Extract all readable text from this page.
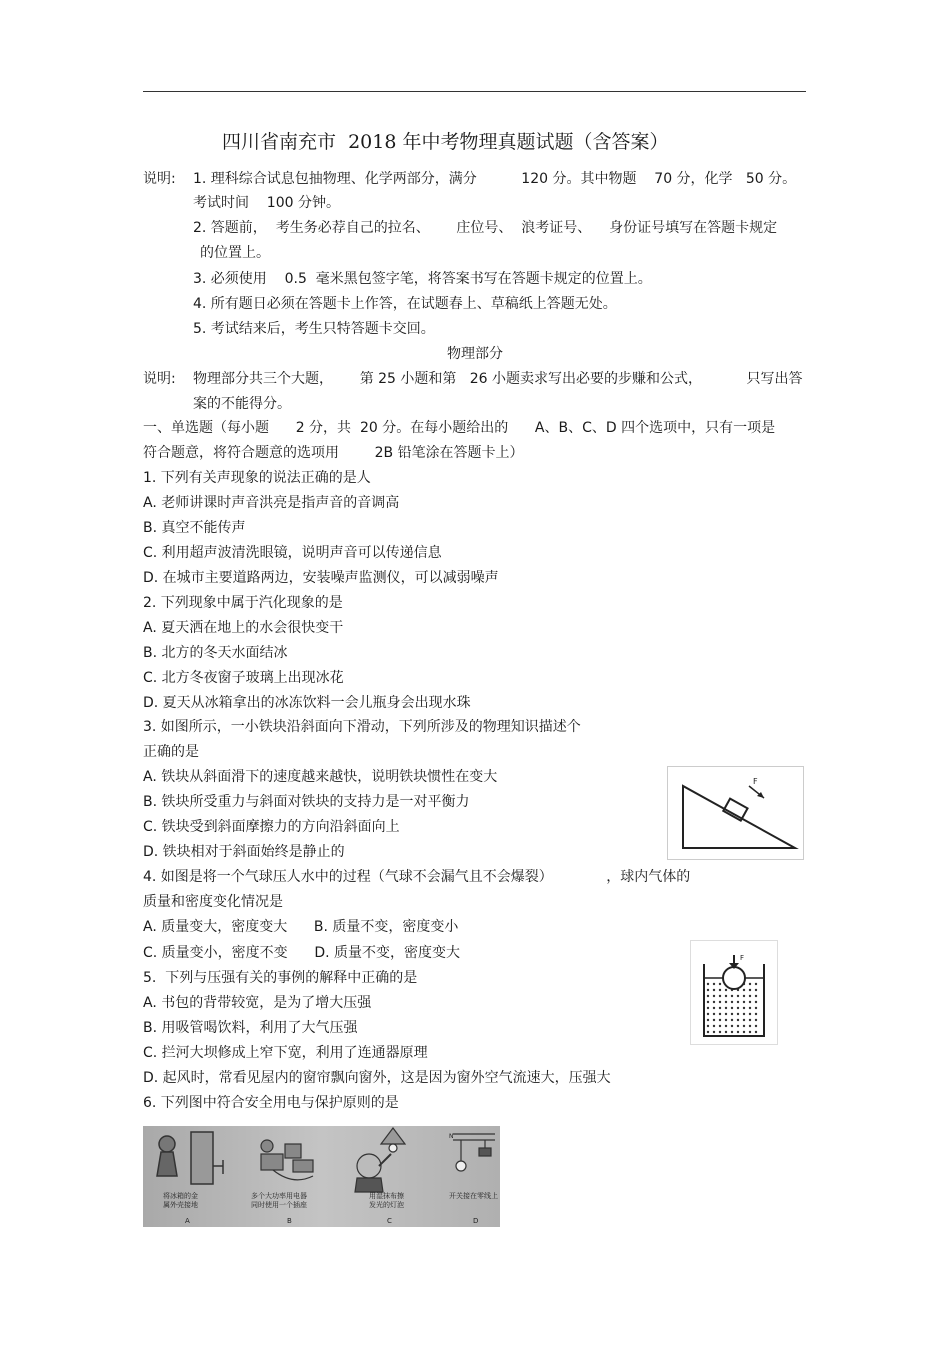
四川省南充市  2018 年中考物理真题试题（含答案）
说明: 1. 理科综合试息包抽物理、化学两部分，满分          120 分。其中物题    70 分，化学   50 分。
考试时间    100 分钟。
2. 答题前，  考生务必荐自己的拉名、      庄位号、  浪考证号、    身份证号填写在答题卡规定
的位置上。
3. 必须使用    0.5  毫米黑包签字笔，将答案书写在答题卡规定的位置上。
4. 所有题日必须在答题卡上作答，在试题春上、草稿纸上答题无处。
5. 考试结来后，考生只特答题卡交回。
物理部分
说明: 物理部分共三个大题，      第 25 小题和第   26 小题卖求写出必要的步赚和公式，          只写出答
案的不能得分。
一、单选题（每小题      2 分，共  20 分。在每小题给出的      A、B、C、D 四个选项中，只有一项是
符合题意，将符合题意的选项用        2B 铅笔涂在答题卡上）
1. 下列有关声现象的说法正确的是人
A. 老师讲课时声音洪亮是指声音的音调高
B. 真空不能传声
C. 利用超声波清洗眼镜，说明声音可以传递信息
D. 在城市主要道路两边，安装噪声监测仪，可以减弱噪声
2. 下列现象中属于汽化现象的是
A. 夏天洒在地上的水会很快变干
B. 北方的冬天水面结冰
C. 北方冬夜窗子玻璃上出现冰花
D. 夏天从冰箱拿出的冰冻饮料一会儿瓶身会出现水珠
3. 如图所示，一小铁块沿斜面向下滑动，下列所涉及的物理知识描述个
正确的是
A. 铁块从斜面滑下的速度越来越快，说明铁块惯性在变大
B. 铁块所受重力与斜面对铁块的支持力是一对平衡力
C. 铁块受到斜面摩擦力的方向沿斜面向上
D. 铁块相对于斜面始终是静止的
F
4. 如图是将一个气球压人水中的过程（气球不会漏气且不会爆裂）            ，球内气体的
质量和密度变化情况是
A. 质量变大，密度变大      B. 质量不变，密度变小
C. 质量变小，密度不变      D. 质量不变，密度变大	F
5.  下列与压强有关的事例的解释中正确的是
A. 书包的背带较宽，是为了增大压强
B. 用吸管喝饮料，利用了大气压强
C. 拦河大坝修成上窄下宽，利用了连通器原理
D. 起风时，常看见屋内的窗帘飘向窗外，这是因为窗外空气流速大，压强大
6. 下列图中符合安全用电与保护原则的是
N
将冰箱的金
属外壳接地
A
多个大功率用电器
同时使用一个插座
B
用湿抹布擦
发光的灯泡
C
开关接在零线上
D
